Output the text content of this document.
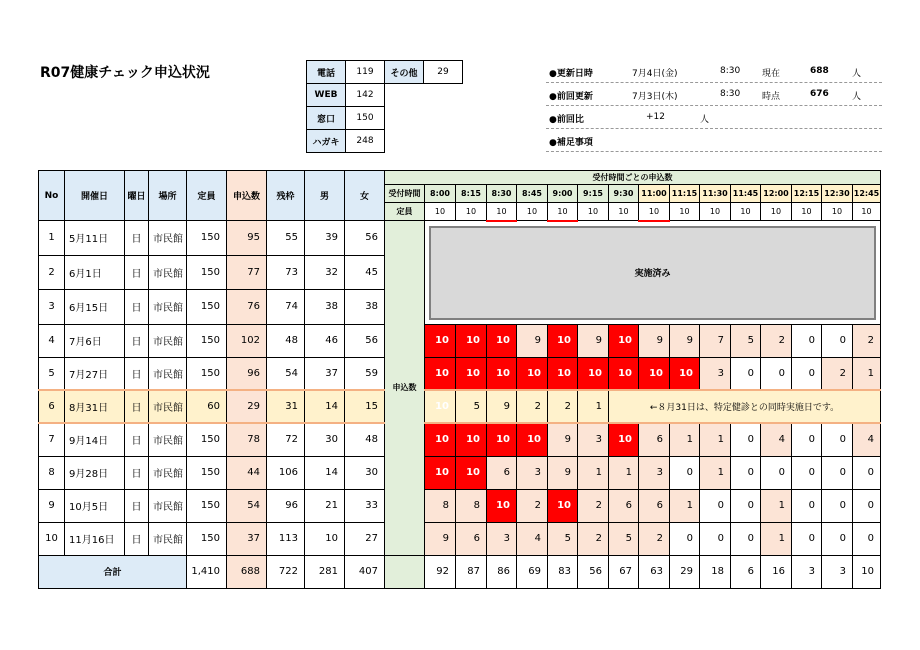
R07健康チェック申込状況	電話	119	その他	29
WEB	142		
窓口	150		
ハガキ	248		
●更新日時	7月4日(金)	8:30 現在	688	人
●前回更新	7月3日(木)	8:30 時点	676	人
●前回比	+12	人
●補足事項
No	開催日	曜日	場所	定員	申込数	残枠	男	女	受付時間ごとの申込数															
									受付時間	8:00	8:15	8:30	8:45	9:00	9:15	9:30	11:00	11:15	11:30	11:45	12:00	12:15	12:30	12:45
									定員	10	10	10	10	10	10	10	10	10	10	10	10	10	10	10
1	5月11日	日	市民館	150	95	55	39	56	申込数	実施済み														

2	6月1日	日	市民館	150	77	73	32	45																
3	6月15日	日	市民館	150	76	74	38	38																
4	7月6日	日	市民館	150	102	48	46	56		10	10	10	9	10	9	10	9	9	7	5	2	0	0	2
5	7月27日	日	市民館	150	96	54	37	59		10	10	10	10	10	10	10	10	10	3	0	0	0	2	1
6	8月31日	日	市民館	60	29	31	14	15		10	5	9	2	2	1	←８月31日は、特定健診との同時実施日です。								
7	9月14日	日	市民館	150	78	72	30	48		10	10	10	10	9	3	10	6	1	1	0	4	0	0	4
8	9月28日	日	市民館	150	44	106	14	30		10	10	6	3	9	1	1	3	0	1	0	0	0	0	0
9	10月5日	日	市民館	150	54	96	21	33		8	8	10	2	10	2	6	6	1	0	0	1	0	0	0
10	11月16日	日	市民館	150	37	113	10	27		9	6	3	4	5	2	5	2	0	0	0	1	0	0	0
合計				1,410	688	722	281	407		92	87	86	69	83	56	67	63	29	18	6	16	3	3	10
